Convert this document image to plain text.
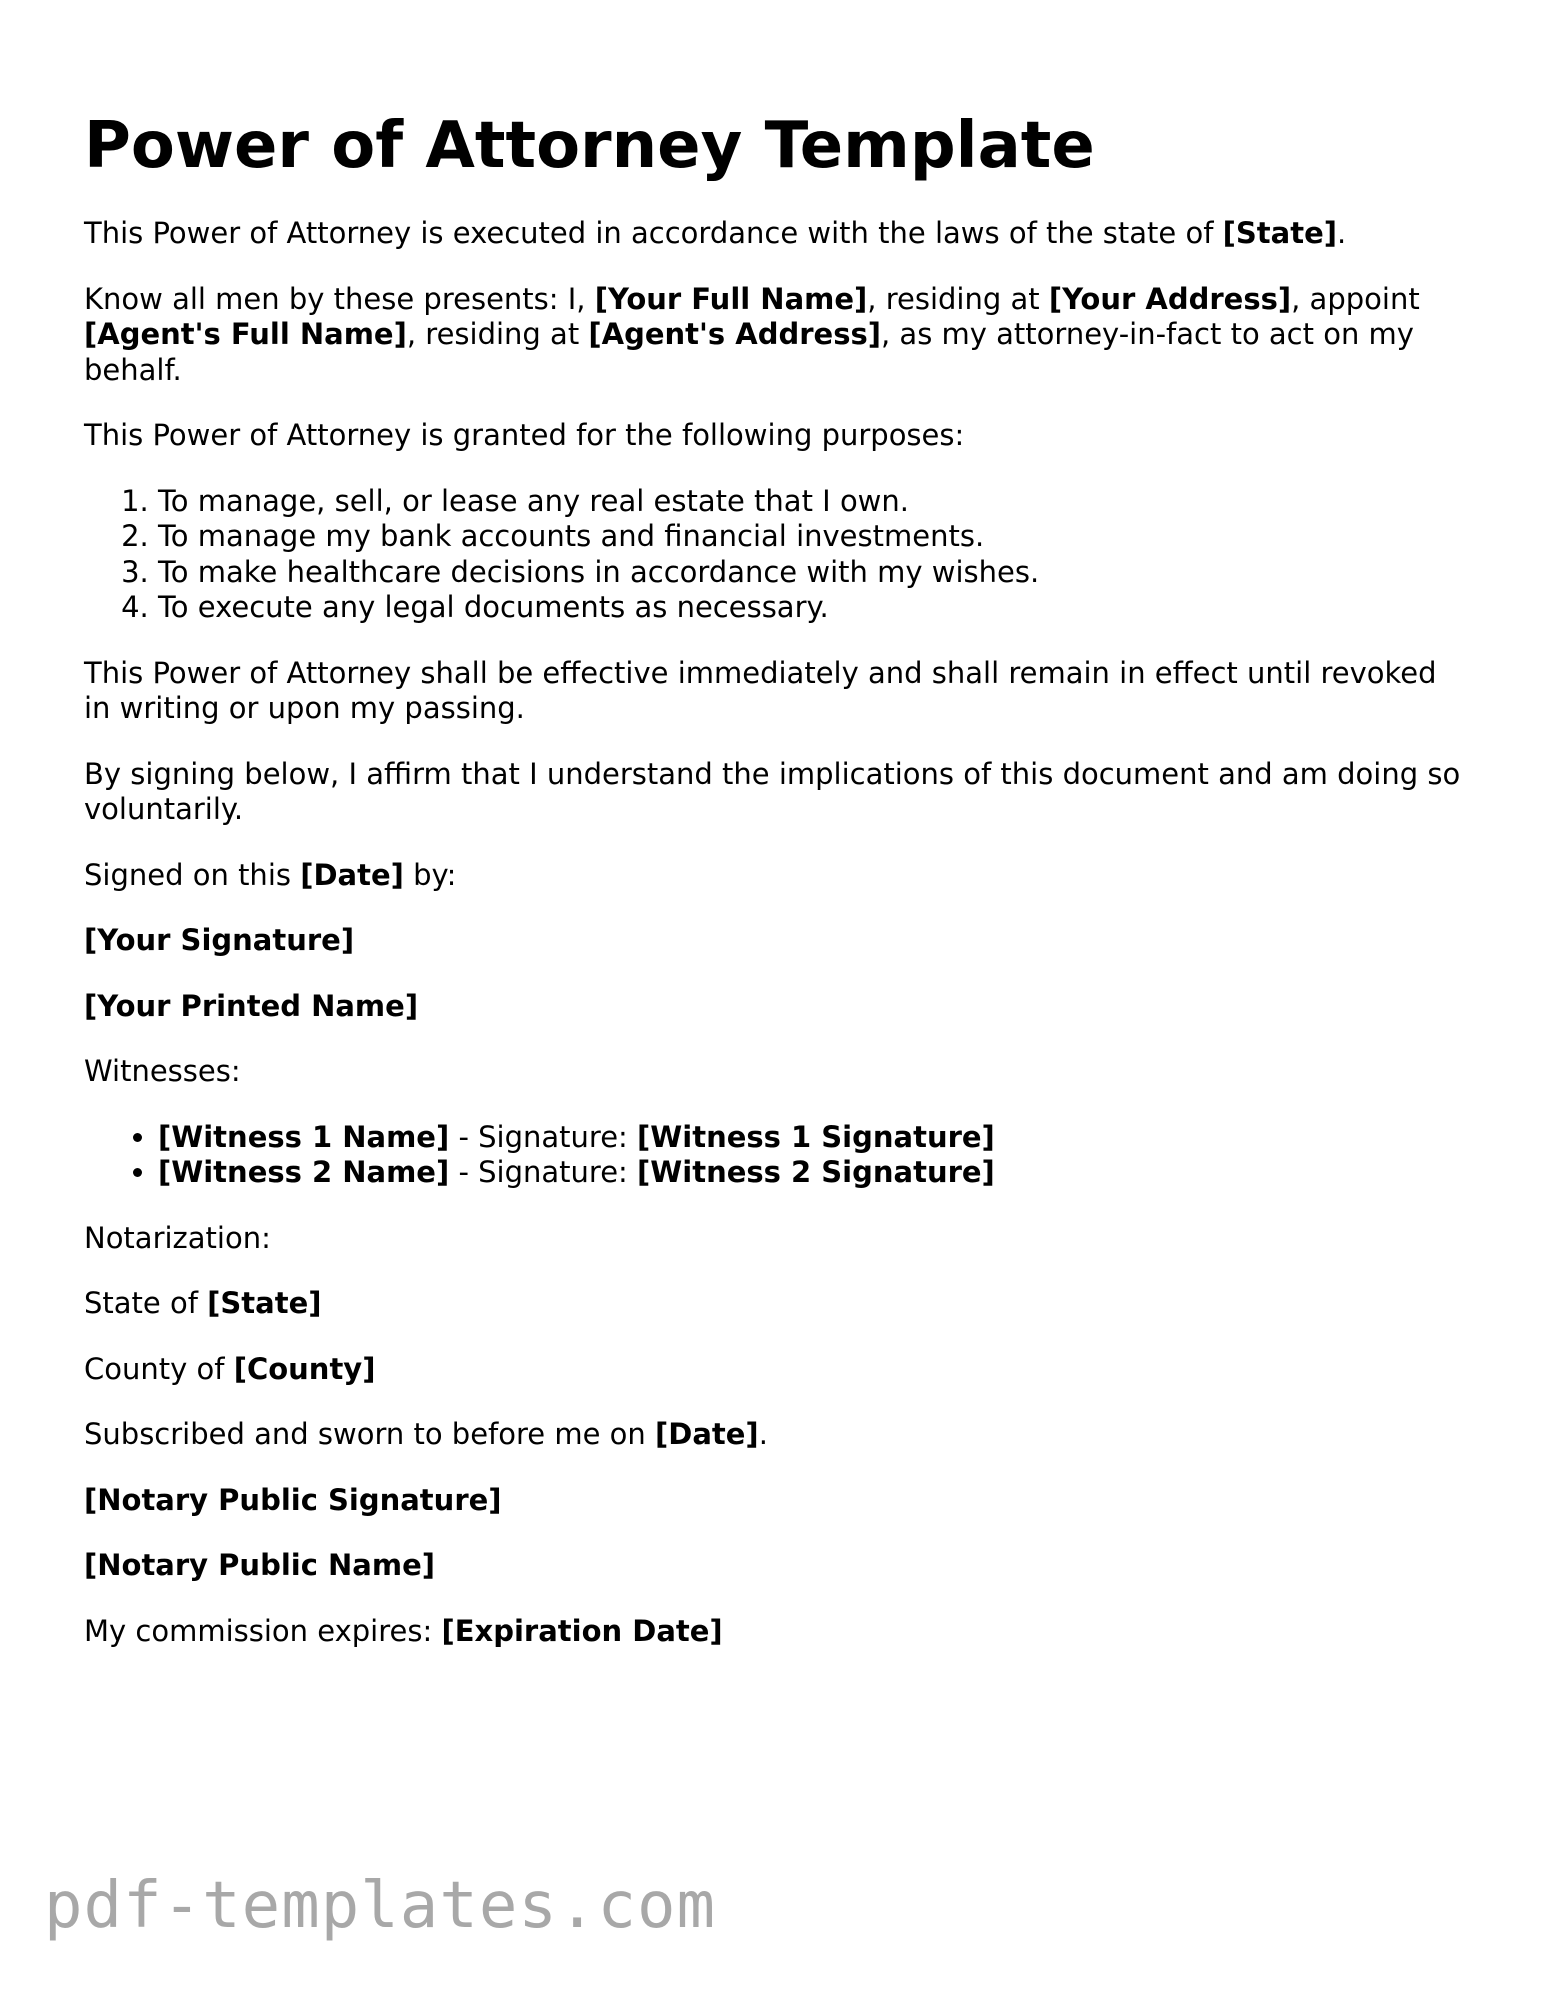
Power of Attorney Template

This Power of Attorney is executed in accordance with the laws of the state of [State].

Know all men by these presents: I, [Your Full Name], residing at [Your Address], appoint [Agent's Full Name], residing at [Agent's Address], as my attorney-in-fact to act on my behalf.

This Power of Attorney is granted for the following purposes:

1. To manage, sell, or lease any real estate that I own.
2. To manage my bank accounts and financial investments.
3. To make healthcare decisions in accordance with my wishes.
4. To execute any legal documents as necessary.

This Power of Attorney shall be effective immediately and shall remain in effect until revoked in writing or upon my passing.

By signing below, I affirm that I understand the implications of this document and am doing so voluntarily.

Signed on this [Date] by:

[Your Signature]

[Your Printed Name]

Witnesses:

• [Witness 1 Name] - Signature: [Witness 1 Signature]
• [Witness 2 Name] - Signature: [Witness 2 Signature]

Notarization:

State of [State]

County of [County]

Subscribed and sworn to before me on [Date].

[Notary Public Signature]

[Notary Public Name]

My commission expires: [Expiration Date]

pdf-templates.com
